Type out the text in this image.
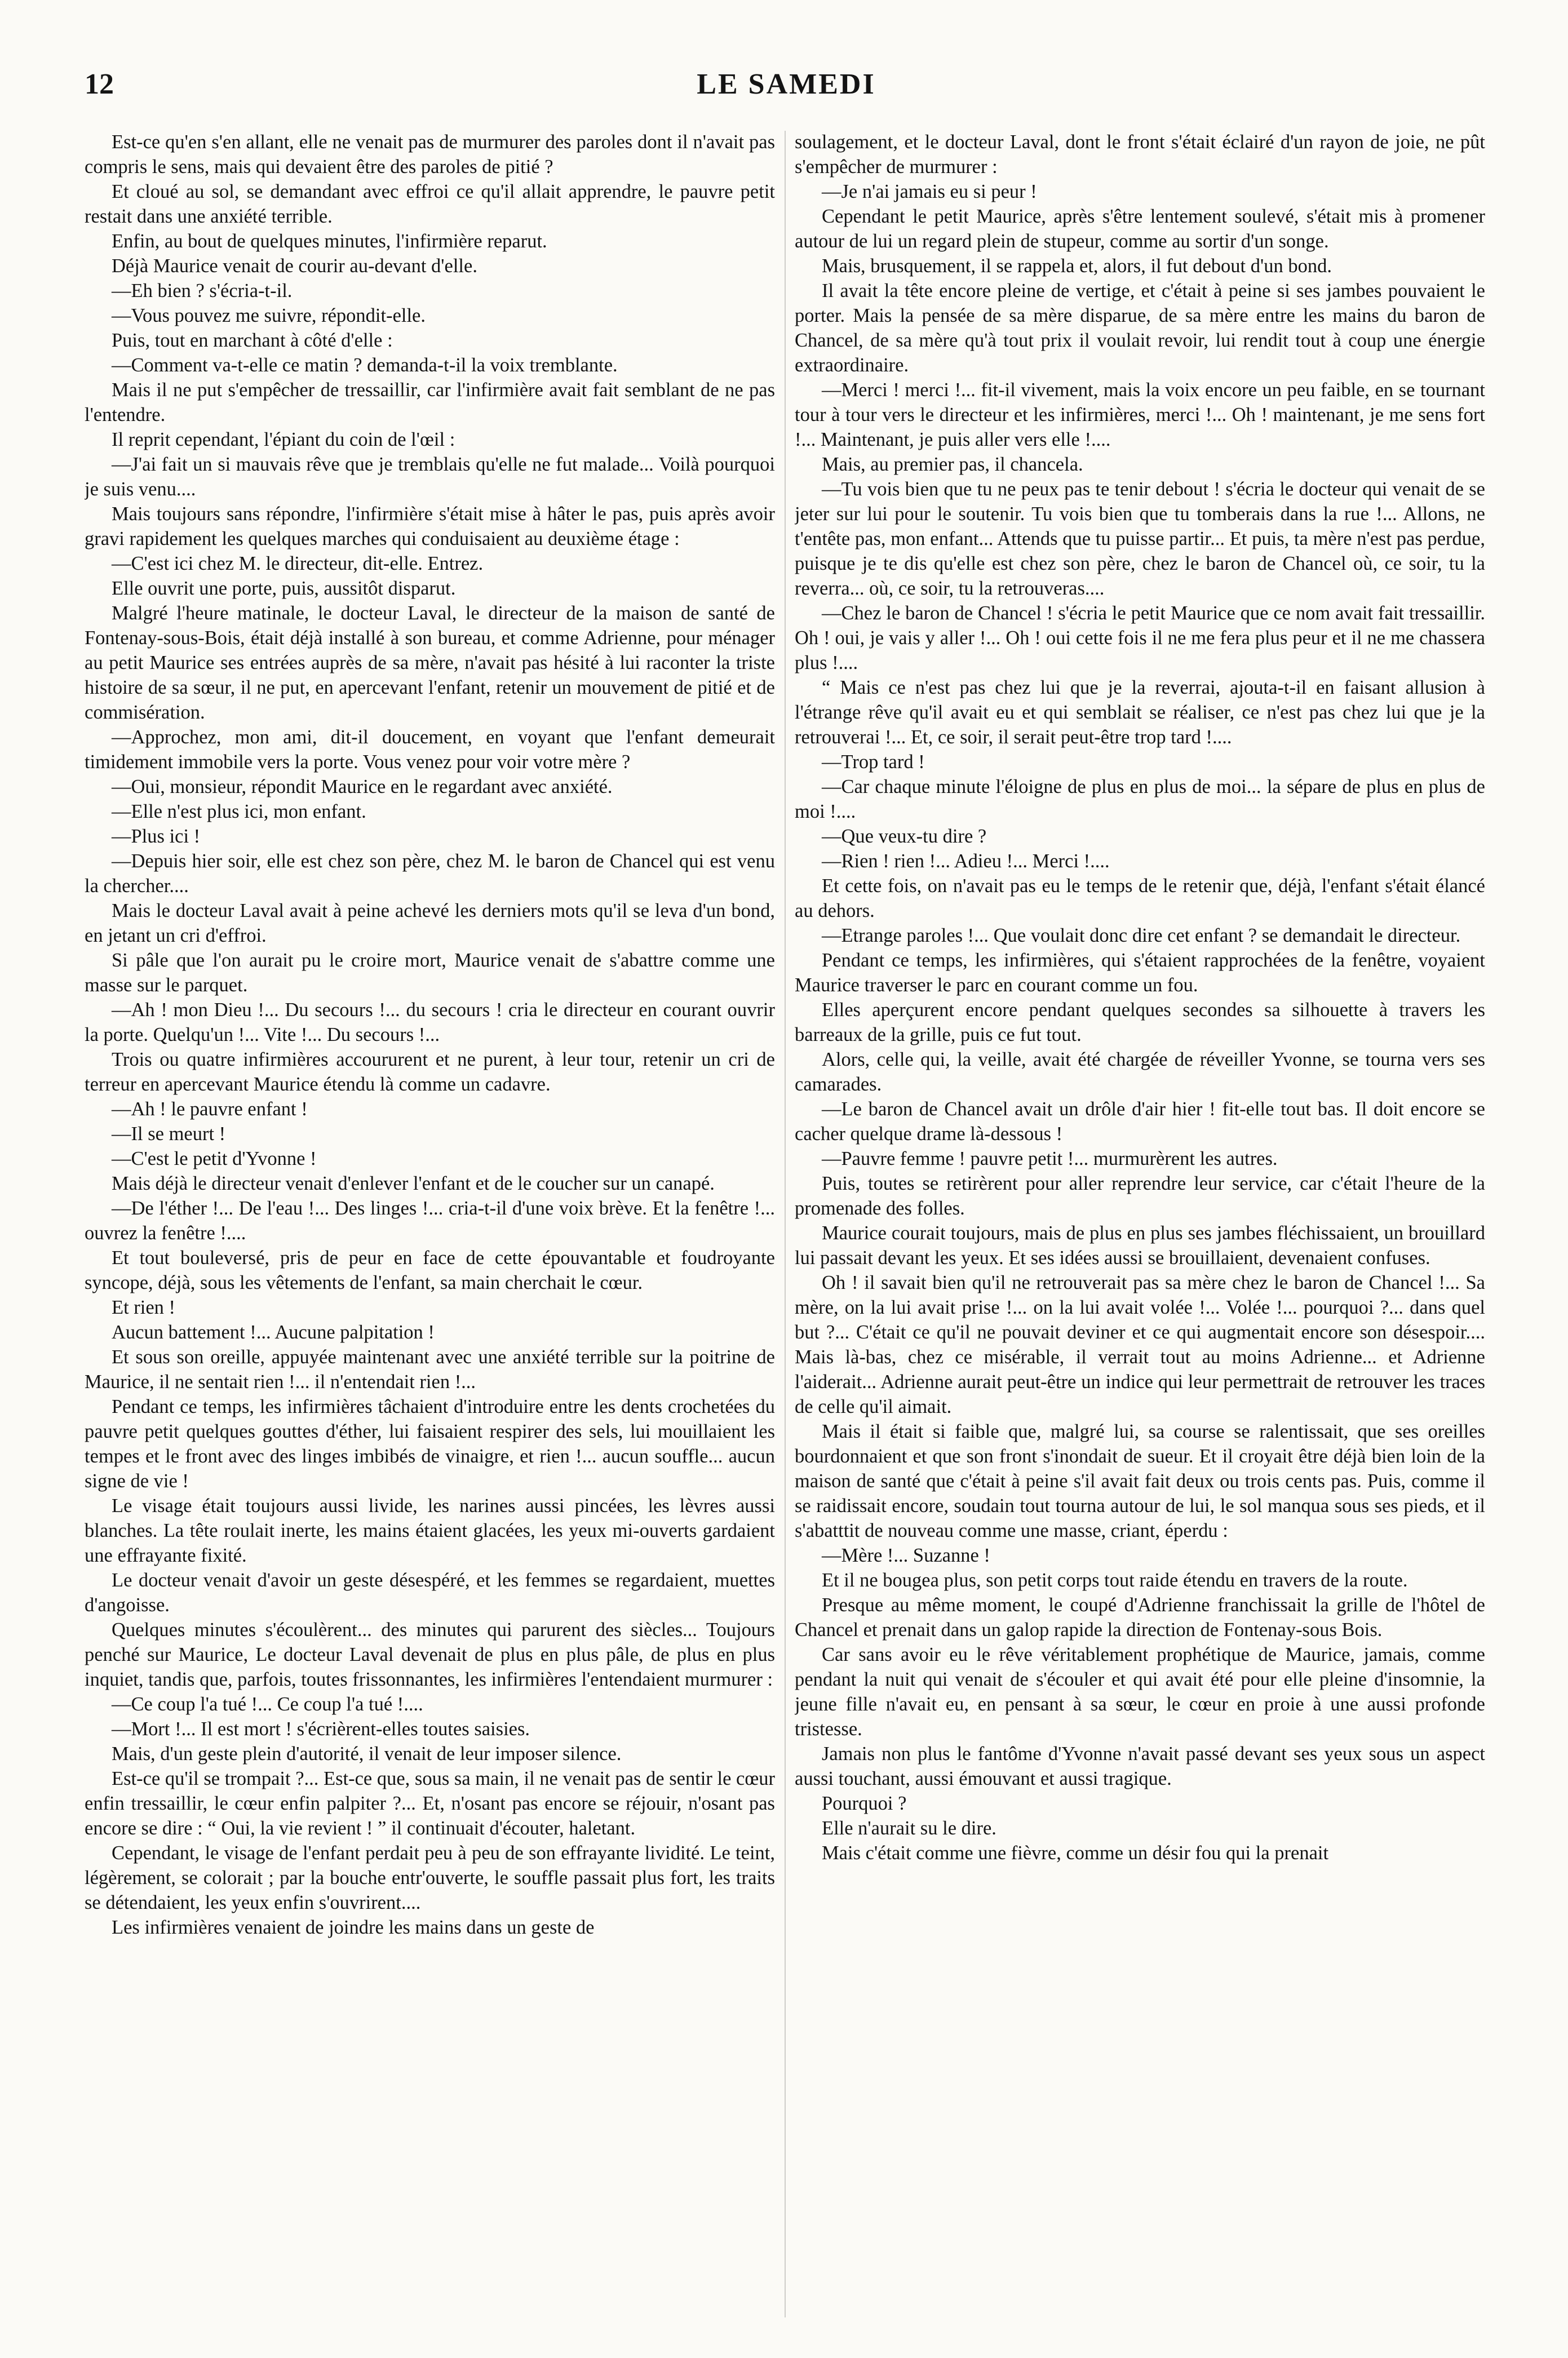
12	LE SAMEDI

Est-ce qu'en s'en allant, elle ne venait pas de murmurer des paroles dont il n'avait pas compris le sens, mais qui devaient être des paroles de pitié ?

Et cloué au sol, se demandant avec effroi ce qu'il allait apprendre, le pauvre petit restait dans une anxiété terrible.

Enfin, au bout de quelques minutes, l'infirmière reparut.

Déjà Maurice venait de courir au-devant d'elle.

—Eh bien ? s'écria-t-il.

—Vous pouvez me suivre, répondit-elle.

Puis, tout en marchant à côté d'elle :

—Comment va-t-elle ce matin ? demanda-t-il la voix tremblante.

Mais il ne put s'empêcher de tressaillir, car l'infirmière avait fait semblant de ne pas l'entendre.

Il reprit cependant, l'épiant du coin de l'œil :

—J'ai fait un si mauvais rêve que je tremblais qu'elle ne fut malade... Voilà pourquoi je suis venu....

Mais toujours sans répondre, l'infirmière s'était mise à hâter le pas, puis après avoir gravi rapidement les quelques marches qui conduisaient au deuxième étage :

—C'est ici chez M. le directeur, dit-elle. Entrez.

Elle ouvrit une porte, puis, aussitôt disparut.

Malgré l'heure matinale, le docteur Laval, le directeur de la maison de santé de Fontenay-sous-Bois, était déjà installé à son bureau, et comme Adrienne, pour ménager au petit Maurice ses entrées auprès de sa mère, n'avait pas hésité à lui raconter la triste histoire de sa sœur, il ne put, en apercevant l'enfant, retenir un mouvement de pitié et de commisération.

—Approchez, mon ami, dit-il doucement, en voyant que l'enfant demeurait timidement immobile vers la porte. Vous venez pour voir votre mère ?

—Oui, monsieur, répondit Maurice en le regardant avec anxiété.

—Elle n'est plus ici, mon enfant.

—Plus ici !

—Depuis hier soir, elle est chez son père, chez M. le baron de Chancel qui est venu la chercher....

Mais le docteur Laval avait à peine achevé les derniers mots qu'il se leva d'un bond, en jetant un cri d'effroi.

Si pâle que l'on aurait pu le croire mort, Maurice venait de s'abattre comme une masse sur le parquet.

—Ah ! mon Dieu !... Du secours !... du secours ! cria le directeur en courant ouvrir la porte. Quelqu'un !... Vite !... Du secours !...

Trois ou quatre infirmières accoururent et ne purent, à leur tour, retenir un cri de terreur en apercevant Maurice étendu là comme un cadavre.

—Ah ! le pauvre enfant !

—Il se meurt !

—C'est le petit d'Yvonne !

Mais déjà le directeur venait d'enlever l'enfant et de le coucher sur un canapé.

—De l'éther !... De l'eau !... Des linges !... cria-t-il d'une voix brève. Et la fenêtre !... ouvrez la fenêtre !....

Et tout bouleversé, pris de peur en face de cette épouvantable et foudroyante syncope, déjà, sous les vêtements de l'enfant, sa main cherchait le cœur.

Et rien !

Aucun battement !... Aucune palpitation !

Et sous son oreille, appuyée maintenant avec une anxiété terrible sur la poitrine de Maurice, il ne sentait rien !... il n'entendait rien !...

Pendant ce temps, les infirmières tâchaient d'introduire entre les dents crochetées du pauvre petit quelques gouttes d'éther, lui faisaient respirer des sels, lui mouillaient les tempes et le front avec des linges imbibés de vinaigre, et rien !... aucun souffle... aucun signe de vie !

Le visage était toujours aussi livide, les narines aussi pincées, les lèvres aussi blanches. La tête roulait inerte, les mains étaient glacées, les yeux mi-ouverts gardaient une effrayante fixité.

Le docteur venait d'avoir un geste désespéré, et les femmes se regardaient, muettes d'angoisse.

Quelques minutes s'écoulèrent... des minutes qui parurent des siècles... Toujours penché sur Maurice, Le docteur Laval devenait de plus en plus pâle, de plus en plus inquiet, tandis que, parfois, toutes frissonnantes, les infirmières l'entendaient murmurer :

—Ce coup l'a tué !... Ce coup l'a tué !....

—Mort !... Il est mort ! s'écrièrent-elles toutes saisies.

Mais, d'un geste plein d'autorité, il venait de leur imposer silence.

Est-ce qu'il se trompait ?... Est-ce que, sous sa main, il ne venait pas de sentir le cœur enfin tressaillir, le cœur enfin palpiter ?... Et, n'osant pas encore se réjouir, n'osant pas encore se dire : “ Oui, la vie revient ! ” il continuait d'écouter, haletant.

Cependant, le visage de l'enfant perdait peu à peu de son effrayante lividité. Le teint, légèrement, se colorait ; par la bouche entr'ouverte, le souffle passait plus fort, les traits se détendaient, les yeux enfin s'ouvrirent....

Les infirmières venaient de joindre les mains dans un geste de

soulagement, et le docteur Laval, dont le front s'était éclairé d'un rayon de joie, ne pût s'empêcher de murmurer :

—Je n'ai jamais eu si peur !

Cependant le petit Maurice, après s'être lentement soulevé, s'était mis à promener autour de lui un regard plein de stupeur, comme au sortir d'un songe.

Mais, brusquement, il se rappela et, alors, il fut debout d'un bond.

Il avait la tête encore pleine de vertige, et c'était à peine si ses jambes pouvaient le porter. Mais la pensée de sa mère disparue, de sa mère entre les mains du baron de Chancel, de sa mère qu'à tout prix il voulait revoir, lui rendit tout à coup une énergie extraordinaire.

—Merci ! merci !... fit-il vivement, mais la voix encore un peu faible, en se tournant tour à tour vers le directeur et les infirmières, merci !... Oh ! maintenant, je me sens fort !... Maintenant, je puis aller vers elle !....

Mais, au premier pas, il chancela.

—Tu vois bien que tu ne peux pas te tenir debout ! s'écria le docteur qui venait de se jeter sur lui pour le soutenir. Tu vois bien que tu tomberais dans la rue !... Allons, ne t'entête pas, mon enfant... Attends que tu puisse partir... Et puis, ta mère n'est pas perdue, puisque je te dis qu'elle est chez son père, chez le baron de Chancel où, ce soir, tu la reverra... où, ce soir, tu la retrouveras....

—Chez le baron de Chancel ! s'écria le petit Maurice que ce nom avait fait tressaillir. Oh ! oui, je vais y aller !... Oh ! oui cette fois il ne me fera plus peur et il ne me chassera plus !....

“ Mais ce n'est pas chez lui que je la reverrai, ajouta-t-il en faisant allusion à l'étrange rêve qu'il avait eu et qui semblait se réaliser, ce n'est pas chez lui que je la retrouverai !... Et, ce soir, il serait peut-être trop tard !....

—Trop tard !

—Car chaque minute l'éloigne de plus en plus de moi... la sépare de plus en plus de moi !....

—Que veux-tu dire ?

—Rien ! rien !... Adieu !... Merci !....

Et cette fois, on n'avait pas eu le temps de le retenir que, déjà, l'enfant s'était élancé au dehors.

—Etrange paroles !... Que voulait donc dire cet enfant ? se demandait le directeur.

Pendant ce temps, les infirmières, qui s'étaient rapprochées de la fenêtre, voyaient Maurice traverser le parc en courant comme un fou.

Elles aperçurent encore pendant quelques secondes sa silhouette à travers les barreaux de la grille, puis ce fut tout.

Alors, celle qui, la veille, avait été chargée de réveiller Yvonne, se tourna vers ses camarades.

—Le baron de Chancel avait un drôle d'air hier ! fit-elle tout bas. Il doit encore se cacher quelque drame là-dessous !

—Pauvre femme ! pauvre petit !... murmurèrent les autres.

Puis, toutes se retirèrent pour aller reprendre leur service, car c'était l'heure de la promenade des folles.

Maurice courait toujours, mais de plus en plus ses jambes fléchissaient, un brouillard lui passait devant les yeux. Et ses idées aussi se brouillaient, devenaient confuses.

Oh ! il savait bien qu'il ne retrouverait pas sa mère chez le baron de Chancel !... Sa mère, on la lui avait prise !... on la lui avait volée !... Volée !... pourquoi ?... dans quel but ?... C'était ce qu'il ne pouvait deviner et ce qui augmentait encore son désespoir.... Mais là-bas, chez ce misérable, il verrait tout au moins Adrienne... et Adrienne l'aiderait... Adrienne aurait peut-être un indice qui leur permettrait de retrouver les traces de celle qu'il aimait.

Mais il était si faible que, malgré lui, sa course se ralentissait, que ses oreilles bourdonnaient et que son front s'inondait de sueur. Et il croyait être déjà bien loin de la maison de santé que c'était à peine s'il avait fait deux ou trois cents pas. Puis, comme il se raidissait encore, soudain tout tourna autour de lui, le sol manqua sous ses pieds, et il s'abatttit de nouveau comme une masse, criant, éperdu :

—Mère !... Suzanne !

Et il ne bougea plus, son petit corps tout raide étendu en travers de la route.

Presque au même moment, le coupé d'Adrienne franchissait la grille de l'hôtel de Chancel et prenait dans un galop rapide la direction de Fontenay-sous Bois.

Car sans avoir eu le rêve véritablement prophétique de Maurice, jamais, comme pendant la nuit qui venait de s'écouler et qui avait été pour elle pleine d'insomnie, la jeune fille n'avait eu, en pensant à sa sœur, le cœur en proie à une aussi profonde tristesse.

Jamais non plus le fantôme d'Yvonne n'avait passé devant ses yeux sous un aspect aussi touchant, aussi émouvant et aussi tragique.

Pourquoi ?

Elle n'aurait su le dire.

Mais c'était comme une fièvre, comme un désir fou qui la prenait
